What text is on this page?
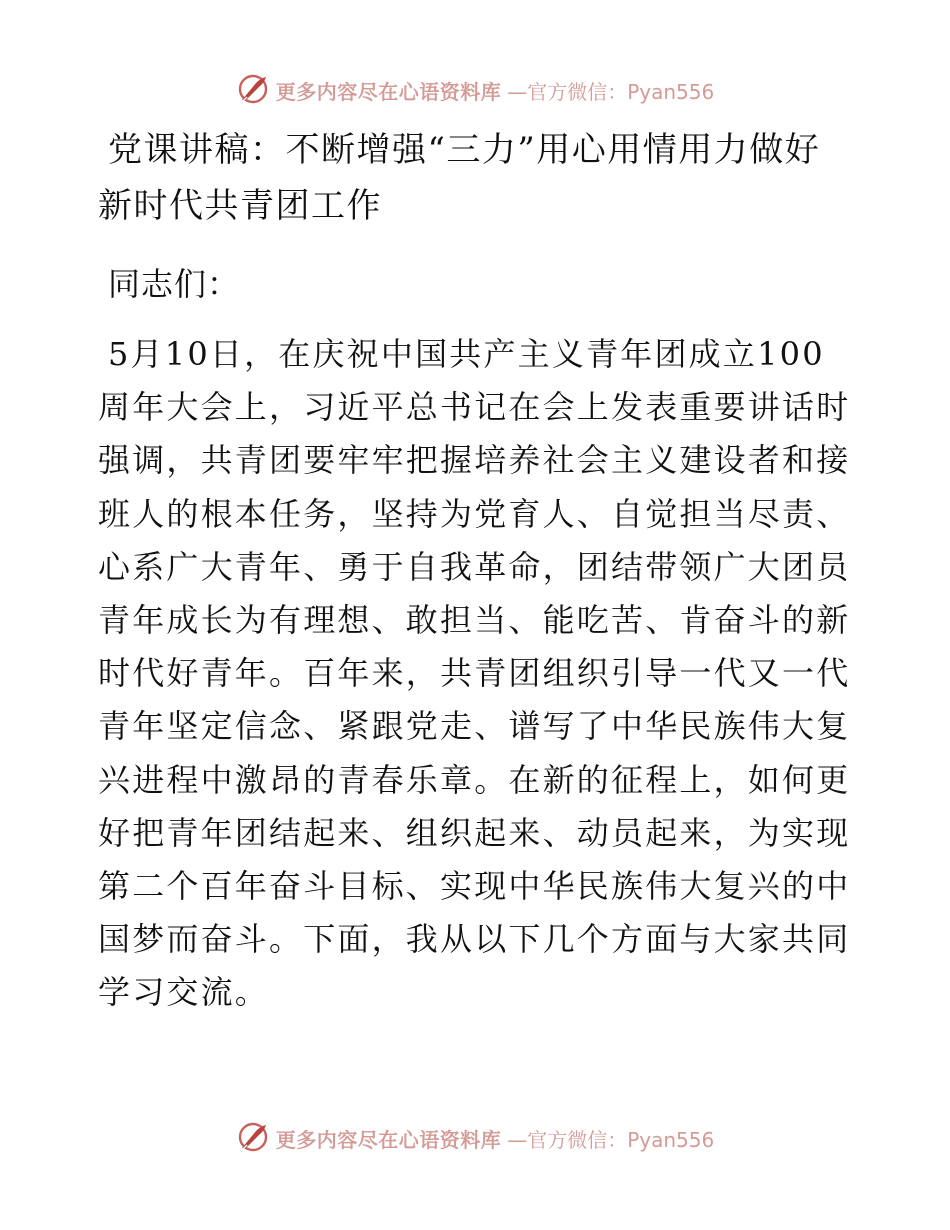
更多内容尽在心语资料库 —官方微信：Pyan556
党课讲稿：不断增强“三力”用心用情用力做好
新时代共青团工作
同志们：
5月10日，在庆祝中国共产主义青年团成立100
周年大会上，习近平总书记在会上发表重要讲话时
强调，共青团要牢牢把握培养社会主义建设者和接
班人的根本任务，坚持为党育人、自觉担当尽责、
心系广大青年、勇于自我革命，团结带领广大团员
青年成长为有理想、敢担当、能吃苦、肯奋斗的新
时代好青年。百年来，共青团组织引导一代又一代
青年坚定信念、紧跟党走、谱写了中华民族伟大复
兴进程中激昂的青春乐章。在新的征程上，如何更
好把青年团结起来、组织起来、动员起来，为实现
第二个百年奋斗目标、实现中华民族伟大复兴的中
国梦而奋斗。下面，我从以下几个方面与大家共同
学习交流。
更多内容尽在心语资料库 —官方微信：Pyan556
